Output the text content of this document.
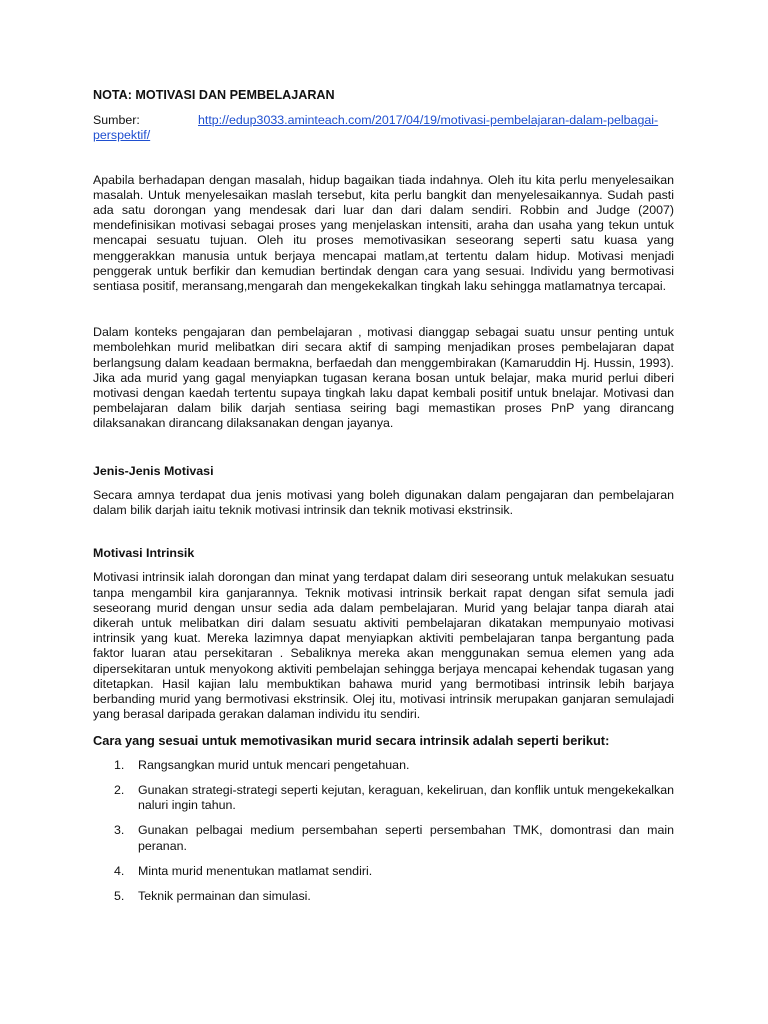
NOTA: MOTIVASI DAN PEMBELAJARAN
Sumber:	http://edup3033.aminteach.com/2017/04/19/motivasi-pembelajaran-dalam-pelbagai-
perspektif/

Apabila berhadapan dengan masalah, hidup bagaikan tiada indahnya. Oleh itu kita perlu menyelesaikan masalah. Untuk menyelesaikan maslah tersebut, kita perlu bangkit dan menyelesaikannya. Sudah pasti ada satu dorongan yang mendesak dari luar dan dari dalam sendiri. Robbin and Judge (2007) mendefinisikan motivasi sebagai proses yang menjelaskan intensiti, araha dan usaha yang tekun untuk mencapai sesuatu tujuan. Oleh itu proses memotivasikan seseorang seperti satu kuasa yang menggerakkan manusia untuk berjaya mencapai matlam,at tertentu dalam hidup. Motivasi menjadi penggerak untuk berfikir dan kemudian bertindak dengan cara yang sesuai. Individu yang bermotivasi sentiasa positif, meransang,mengarah dan mengekekalkan tingkah laku sehingga matlamatnya tercapai.

Dalam konteks pengajaran dan pembelajaran , motivasi dianggap sebagai suatu unsur penting untuk membolehkan murid melibatkan diri secara aktif di samping menjadikan proses pembelajaran dapat berlangsung dalam keadaan bermakna, berfaedah dan menggembirakan (Kamaruddin Hj. Hussin, 1993). Jika ada murid yang gagal menyiapkan tugasan kerana bosan untuk belajar, maka murid perlui diberi motivasi dengan kaedah tertentu supaya tingkah laku dapat kembali positif untuk bnelajar. Motivasi dan pembelajaran dalam bilik darjah sentiasa seiring bagi memastikan proses PnP yang dirancang dilaksanakan dirancang dilaksanakan dengan jayanya.

Jenis-Jenis Motivasi

Secara amnya terdapat dua jenis motivasi yang boleh digunakan dalam pengajaran dan pembelajaran dalam bilik darjah iaitu teknik motivasi intrinsik dan teknik motivasi ekstrinsik.

Motivasi Intrinsik

Motivasi intrinsik ialah dorongan dan minat yang terdapat dalam diri seseorang untuk melakukan sesuatu tanpa mengambil kira ganjarannya. Teknik motivasi intrinsik berkait rapat dengan sifat semula jadi seseorang murid dengan unsur sedia ada dalam pembelajaran. Murid yang belajar tanpa diarah atai dikerah untuk melibatkan diri dalam sesuatu aktiviti pembelajaran dikatakan mempunyaio motivasi intrinsik yang kuat. Mereka lazimnya dapat menyiapkan aktiviti pembelajaran tanpa bergantung pada faktor luaran atau persekitaran . Sebaliknya mereka akan menggunakan semua elemen yang ada dipersekitaran untuk menyokong aktiviti pembelajan sehingga berjaya mencapai kehendak tugasan yang ditetapkan. Hasil kajian lalu membuktikan bahawa murid yang bermotibasi intrinsik lebih barjaya berbanding murid yang bermotivasi ekstrinsik. Olej itu, motivasi intrinsik merupakan ganjaran semulajadi yang berasal daripada gerakan dalaman individu itu sendiri.

Cara yang sesuai untuk memotivasikan murid secara intrinsik adalah seperti berikut:
1.	Rangsangkan murid untuk mencari pengetahuan.
2.	Gunakan strategi-strategi seperti kejutan, keraguan, kekeliruan, dan konflik untuk mengekekalkan naluri ingin tahun.
3.	Gunakan pelbagai medium persembahan seperti persembahan TMK, domontrasi dan main peranan.
4.	Minta murid menentukan matlamat sendiri.
5.	Teknik permainan dan simulasi.
